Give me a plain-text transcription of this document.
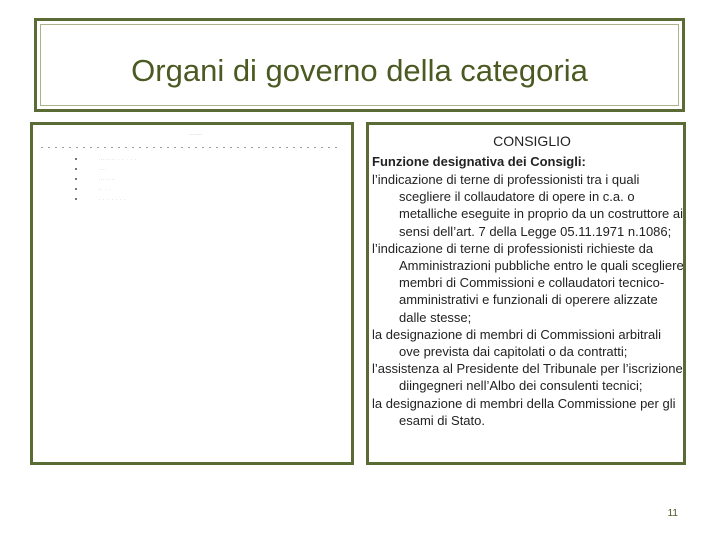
Organi di governo della categoria
............
........ . . . . .
....
........
.. . .
. . . . . . .
CONSIGLIO
Funzione designativa dei Consigli:

l’indicazione di terne di professionisti tra i quali scegliere il collaudatore di opere in c.a. o metalliche eseguite in proprio da un costruttore ai sensi dell’art. 7 della Legge 05.11.1971 n.1086;

l’indicazione di terne di professionisti richieste da Amministrazioni pubbliche entro le quali scegliere membri di Commissioni e collaudatori tecnico-amministrativi e funzionali di operere alizzate dalle stesse;

la designazione di membri di Commissioni arbitrali ove prevista dai capitolati o da contratti;

l’assistenza al Presidente del Tribunale per l’iscrizione diingegneri nell’Albo dei consulenti tecnici;

la designazione di membri della Commissione per gli esami di Stato.

11
